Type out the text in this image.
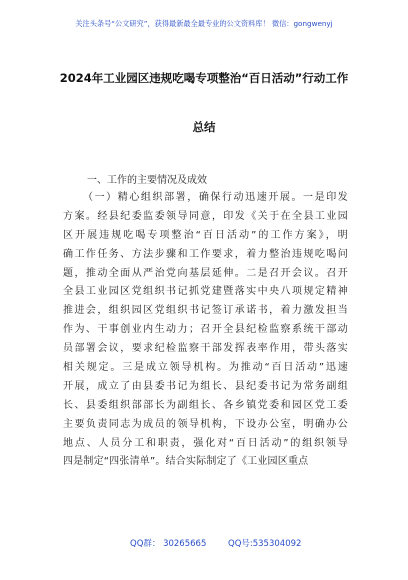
关注头条号“公文研究”，获得最新最全最专业的公文资料库！ 微信：gongwenyj
2024年工业园区违规吃喝专项整治“百日活动”行动工作
总结
一、工作的主要情况及成效
（一）精心组织部署，确保行动迅速开展。一是印发
方案。经县纪委监委领导同意，印发《关于在全县工业园
区开展违规吃喝专项整治“百日活动”的工作方案》，明
确工作任务、方法步骤和工作要求，着力整治违规吃喝问
题，推动全面从严治党向基层延伸。二是召开会议。召开
全县工业园区党组织书记抓党建暨落实中央八项规定精神
推进会，组织园区党组织书记签订承诺书，着力激发担当
作为、干事创业内生动力；召开全县纪检监察系统干部动
员部署会议，要求纪检监察干部发挥表率作用，带头落实
相关规定。三是成立领导机构。为推动“百日活动”迅速
开展，成立了由县委书记为组长、县纪委书记为常务副组
长、县委组织部部长为副组长、各乡镇党委和园区党工委
主要负责同志为成员的领导机构，下设办公室，明确办公
地点、人员分工和职责，强化对“百日活动”的组织领导
四是制定“四张清单”。结合实际制定了《工业园区重点
QQ群： 30265665	QQ号:535304092
